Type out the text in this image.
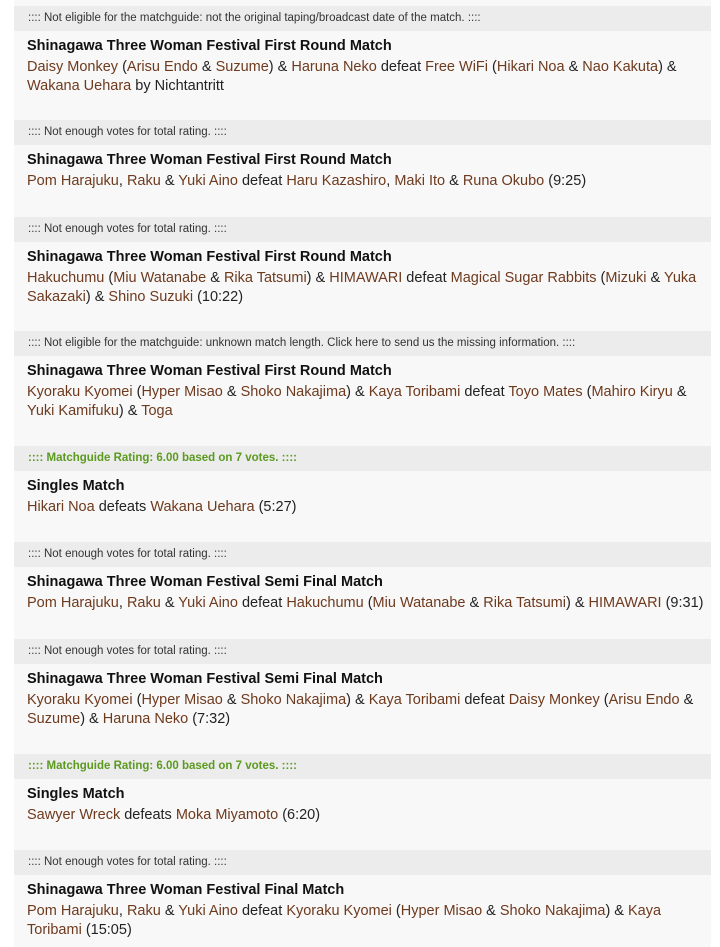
:::: Not eligible for the matchguide: not the original taping/broadcast date of the match. ::::
Shinagawa Three Woman Festival First Round Match
Daisy Monkey (Arisu Endo & Suzume) & Haruna Neko defeat Free WiFi (Hikari Noa & Nao Kakuta) & Wakana Uehara by Nichtantritt
:::: Not enough votes for total rating. ::::
Shinagawa Three Woman Festival First Round Match
Pom Harajuku, Raku & Yuki Aino defeat Haru Kazashiro, Maki Ito & Runa Okubo (9:25)
:::: Not enough votes for total rating. ::::
Shinagawa Three Woman Festival First Round Match
Hakuchumu (Miu Watanabe & Rika Tatsumi) & HIMAWARI defeat Magical Sugar Rabbits (Mizuki & Yuka Sakazaki) & Shino Suzuki (10:22)
:::: Not eligible for the matchguide: unknown match length. Click here to send us the missing information. ::::
Shinagawa Three Woman Festival First Round Match
Kyoraku Kyomei (Hyper Misao & Shoko Nakajima) & Kaya Toribami defeat Toyo Mates (Mahiro Kiryu & Yuki Kamifuku) & Toga
:::: Matchguide Rating: 6.00 based on 7 votes. ::::
Singles Match
Hikari Noa defeats Wakana Uehara (5:27)
:::: Not enough votes for total rating. ::::
Shinagawa Three Woman Festival Semi Final Match
Pom Harajuku, Raku & Yuki Aino defeat Hakuchumu (Miu Watanabe & Rika Tatsumi) & HIMAWARI (9:31)
:::: Not enough votes for total rating. ::::
Shinagawa Three Woman Festival Semi Final Match
Kyoraku Kyomei (Hyper Misao & Shoko Nakajima) & Kaya Toribami defeat Daisy Monkey (Arisu Endo & Suzume) & Haruna Neko (7:32)
:::: Matchguide Rating: 6.00 based on 7 votes. ::::
Singles Match
Sawyer Wreck defeats Moka Miyamoto (6:20)
:::: Not enough votes for total rating. ::::
Shinagawa Three Woman Festival Final Match
Pom Harajuku, Raku & Yuki Aino defeat Kyoraku Kyomei (Hyper Misao & Shoko Nakajima) & Kaya Toribami (15:05)
